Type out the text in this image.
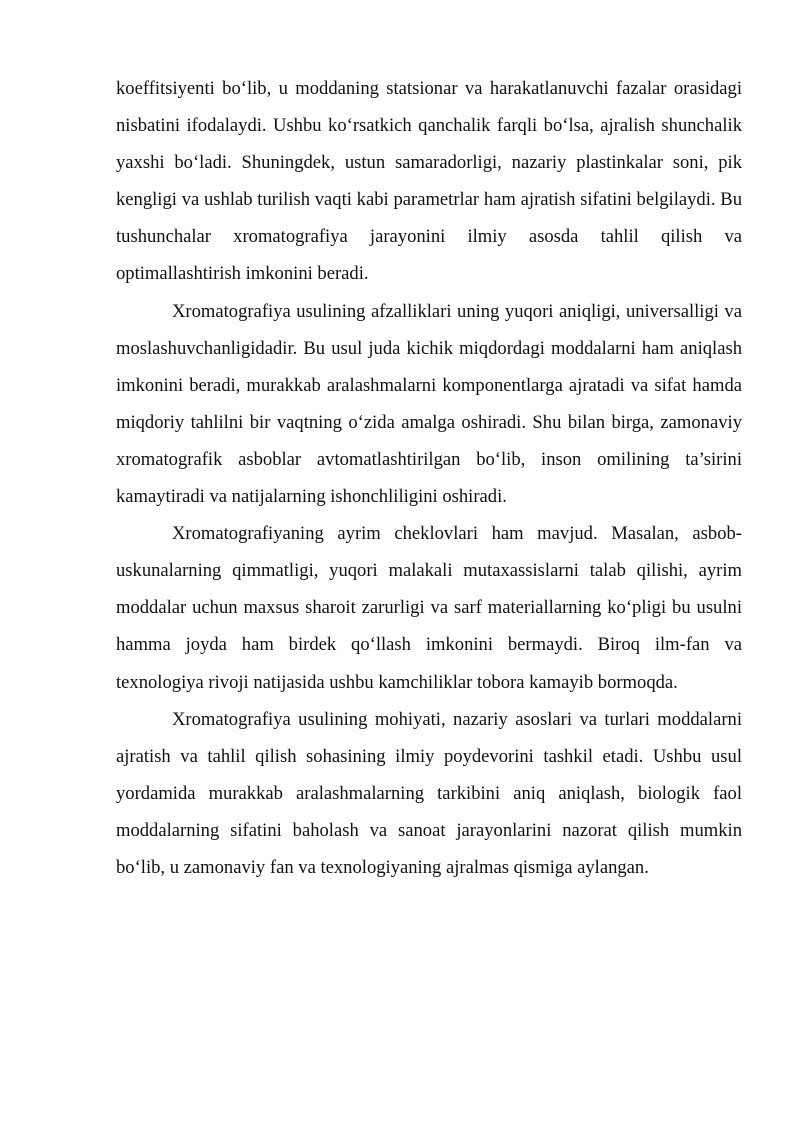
koeffitsiyenti bo‘lib, u moddaning statsionar va harakatlanuvchi fazalar orasidagi nisbatini ifodalaydi. Ushbu ko‘rsatkich qanchalik farqli bo‘lsa, ajralish shunchalik yaxshi bo‘ladi. Shuningdek, ustun samaradorligi, nazariy plastinkalar soni, pik kengligi va ushlab turilish vaqti kabi parametrlar ham ajratish sifatini belgilaydi. Bu tushunchalar xromatografiya jarayonini ilmiy asosda tahlil qilish va optimallashtirish imkonini beradi.

Xromatografiya usulining afzalliklari uning yuqori aniqligi, universalligi va moslashuvchanligidadir. Bu usul juda kichik miqdordagi moddalarni ham aniqlash imkonini beradi, murakkab aralashmalarni komponentlarga ajratadi va sifat hamda miqdoriy tahlilni bir vaqtning o‘zida amalga oshiradi. Shu bilan birga, zamonaviy xromatografik asboblar avtomatlashtirilgan bo‘lib, inson omilining ta’sirini kamaytiradi va natijalarning ishonchliligini oshiradi.

Xromatografiyaning ayrim cheklovlari ham mavjud. Masalan, asbob-uskunalarning qimmatligi, yuqori malakali mutaxassislarni talab qilishi, ayrim moddalar uchun maxsus sharoit zarurligi va sarf materiallarning ko‘pligi bu usulni hamma joyda ham birdek qo‘llash imkonini bermaydi. Biroq ilm-fan va texnologiya rivoji natijasida ushbu kamchiliklar tobora kamayib bormoqda.

Xromatografiya usulining mohiyati, nazariy asoslari va turlari moddalarni ajratish va tahlil qilish sohasining ilmiy poydevorini tashkil etadi. Ushbu usul yordamida murakkab aralashmalarning tarkibini aniq aniqlash, biologik faol moddalarning sifatini baholash va sanoat jarayonlarini nazorat qilish mumkin bo‘lib, u zamonaviy fan va texnologiyaning ajralmas qismiga aylangan.
